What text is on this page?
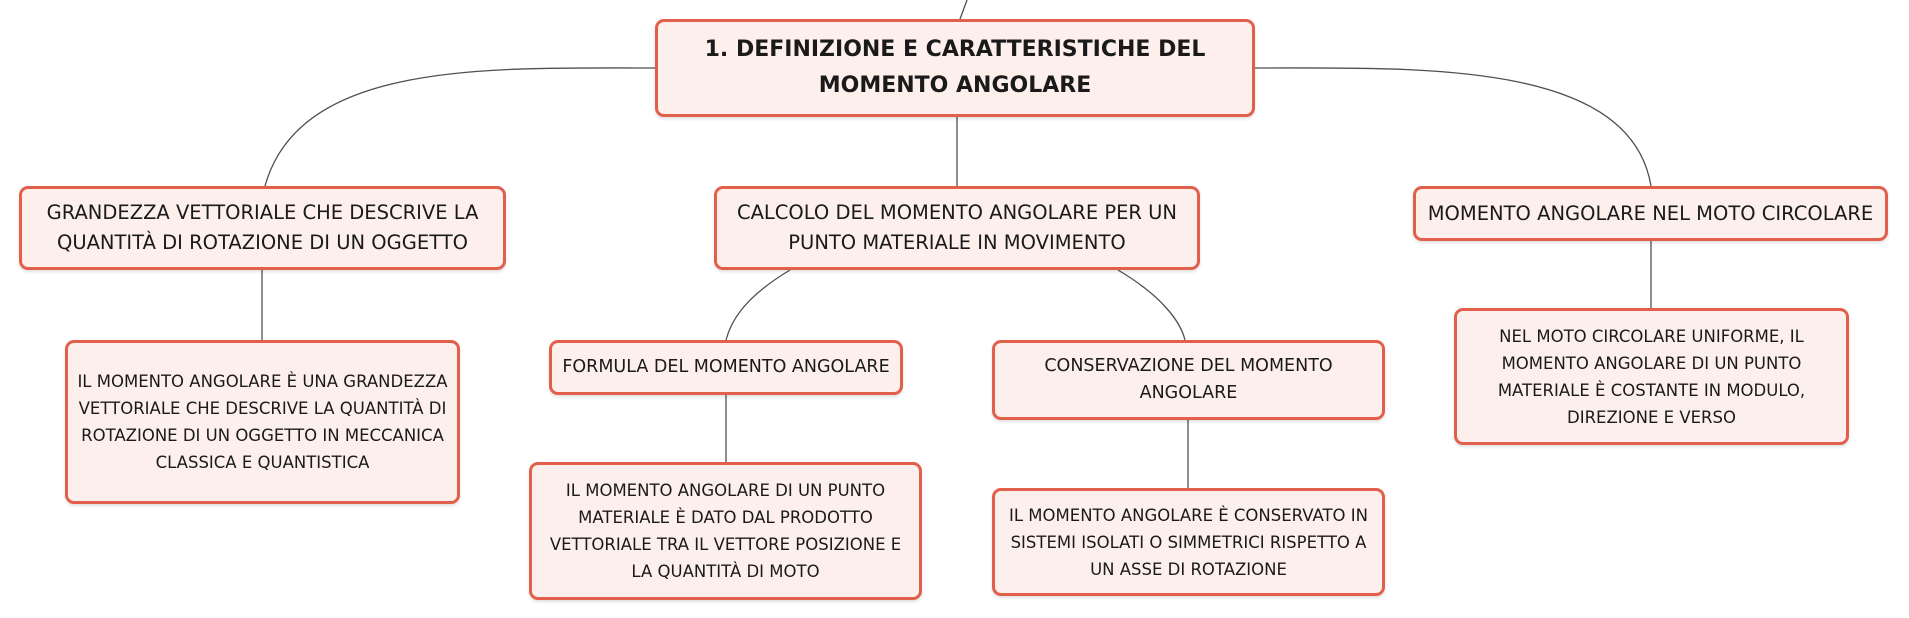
1. DEFINIZIONE E CARATTERISTICHE DEL MOMENTO ANGOLARE
GRANDEZZA VETTORIALE CHE DESCRIVE LA QUANTITÀ DI ROTAZIONE DI UN OGGETTO
CALCOLO DEL MOMENTO ANGOLARE PER UN PUNTO MATERIALE IN MOVIMENTO
MOMENTO ANGOLARE NEL MOTO CIRCOLARE
FORMULA DEL MOMENTO ANGOLARE	CONSERVAZIONE DEL MOMENTO ANGOLARE
IL MOMENTO ANGOLARE È UNA GRANDEZZA VETTORIALE CHE DESCRIVE LA QUANTITÀ DI ROTAZIONE DI UN OGGETTO IN MECCANICA CLASSICA E QUANTISTICA
IL MOMENTO ANGOLARE DI UN PUNTO MATERIALE È DATO DAL PRODOTTO VETTORIALE TRA IL VETTORE POSIZIONE E LA QUANTITÀ DI MOTO
IL MOMENTO ANGOLARE È CONSERVATO IN SISTEMI ISOLATI O SIMMETRICI RISPETTO A UN ASSE DI ROTAZIONE
NEL MOTO CIRCOLARE UNIFORME, IL MOMENTO ANGOLARE DI UN PUNTO MATERIALE È COSTANTE IN MODULO, DIREZIONE E VERSO
